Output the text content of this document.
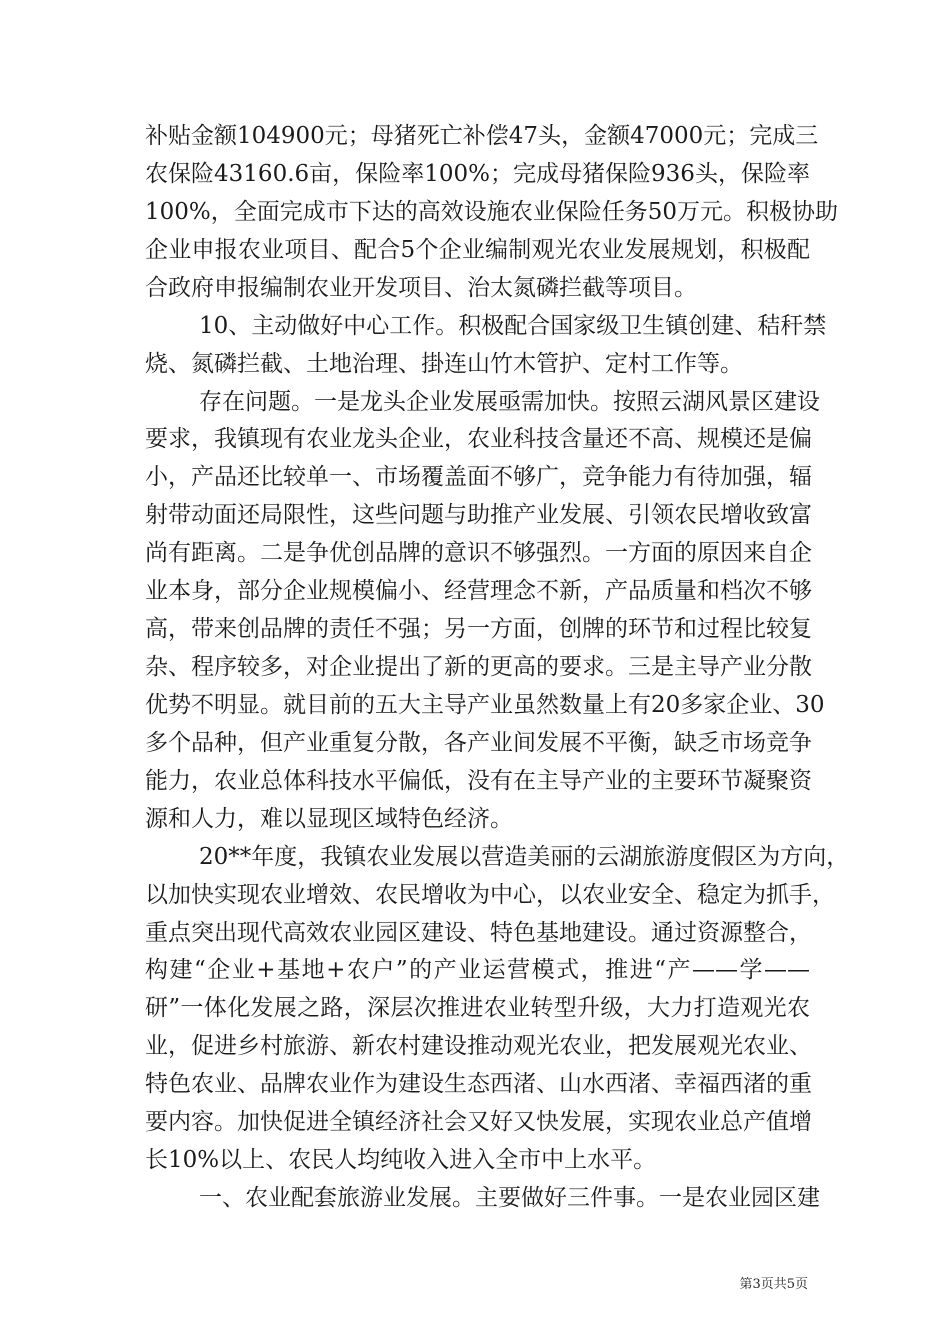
补贴金额104900元；母猪死亡补偿47头，金额47000元；完成三
农保险43160.6亩，保险率100%；完成母猪保险936头，保险率
100%，全面完成市下达的高效设施农业保险任务50万元。积极协助
企业申报农业项目、配合5个企业编制观光农业发展规划，积极配
合政府申报编制农业开发项目、治太氮磷拦截等项目。
10、主动做好中心工作。积极配合国家级卫生镇创建、秸秆禁
烧、氮磷拦截、土地治理、掛连山竹木管护、定村工作等。
存在问题。一是龙头企业发展亟需加快。按照云湖风景区建设
要求，我镇现有农业龙头企业，农业科技含量还不高、规模还是偏
小，产品还比较单一、市场覆盖面不够广，竞争能力有待加强，辐
射带动面还局限性，这些问题与助推产业发展、引领农民增收致富
尚有距离。二是争优创品牌的意识不够强烈。一方面的原因来自企
业本身，部分企业规模偏小、经营理念不新，产品质量和档次不够
高，带来创品牌的责任不强；另一方面，创牌的环节和过程比较复
杂、程序较多，对企业提出了新的更高的要求。三是主导产业分散
优势不明显。就目前的五大主导产业虽然数量上有20多家企业、30
多个品种，但产业重复分散，各产业间发展不平衡，缺乏市场竞争
能力，农业总体科技水平偏低，没有在主导产业的主要环节凝聚资
源和人力，难以显现区域特色经济。
20**年度，我镇农业发展以营造美丽的云湖旅游度假区为方向，
以加快实现农业增效、农民增收为中心，以农业安全、稳定为抓手，
重点突出现代高效农业园区建设、特色基地建设。通过资源整合，
构建“企业+基地+农户”的产业运营模式，推进“产——学——
研”一体化发展之路，深层次推进农业转型升级，大力打造观光农
业，促进乡村旅游、新农村建设推动观光农业，把发展观光农业、
特色农业、品牌农业作为建设生态西渚、山水西渚、幸福西渚的重
要内容。加快促进全镇经济社会又好又快发展，实现农业总产值增
长10%以上、农民人均纯收入进入全市中上水平。
一、农业配套旅游业发展。主要做好三件事。一是农业园区建
第3页共5页
